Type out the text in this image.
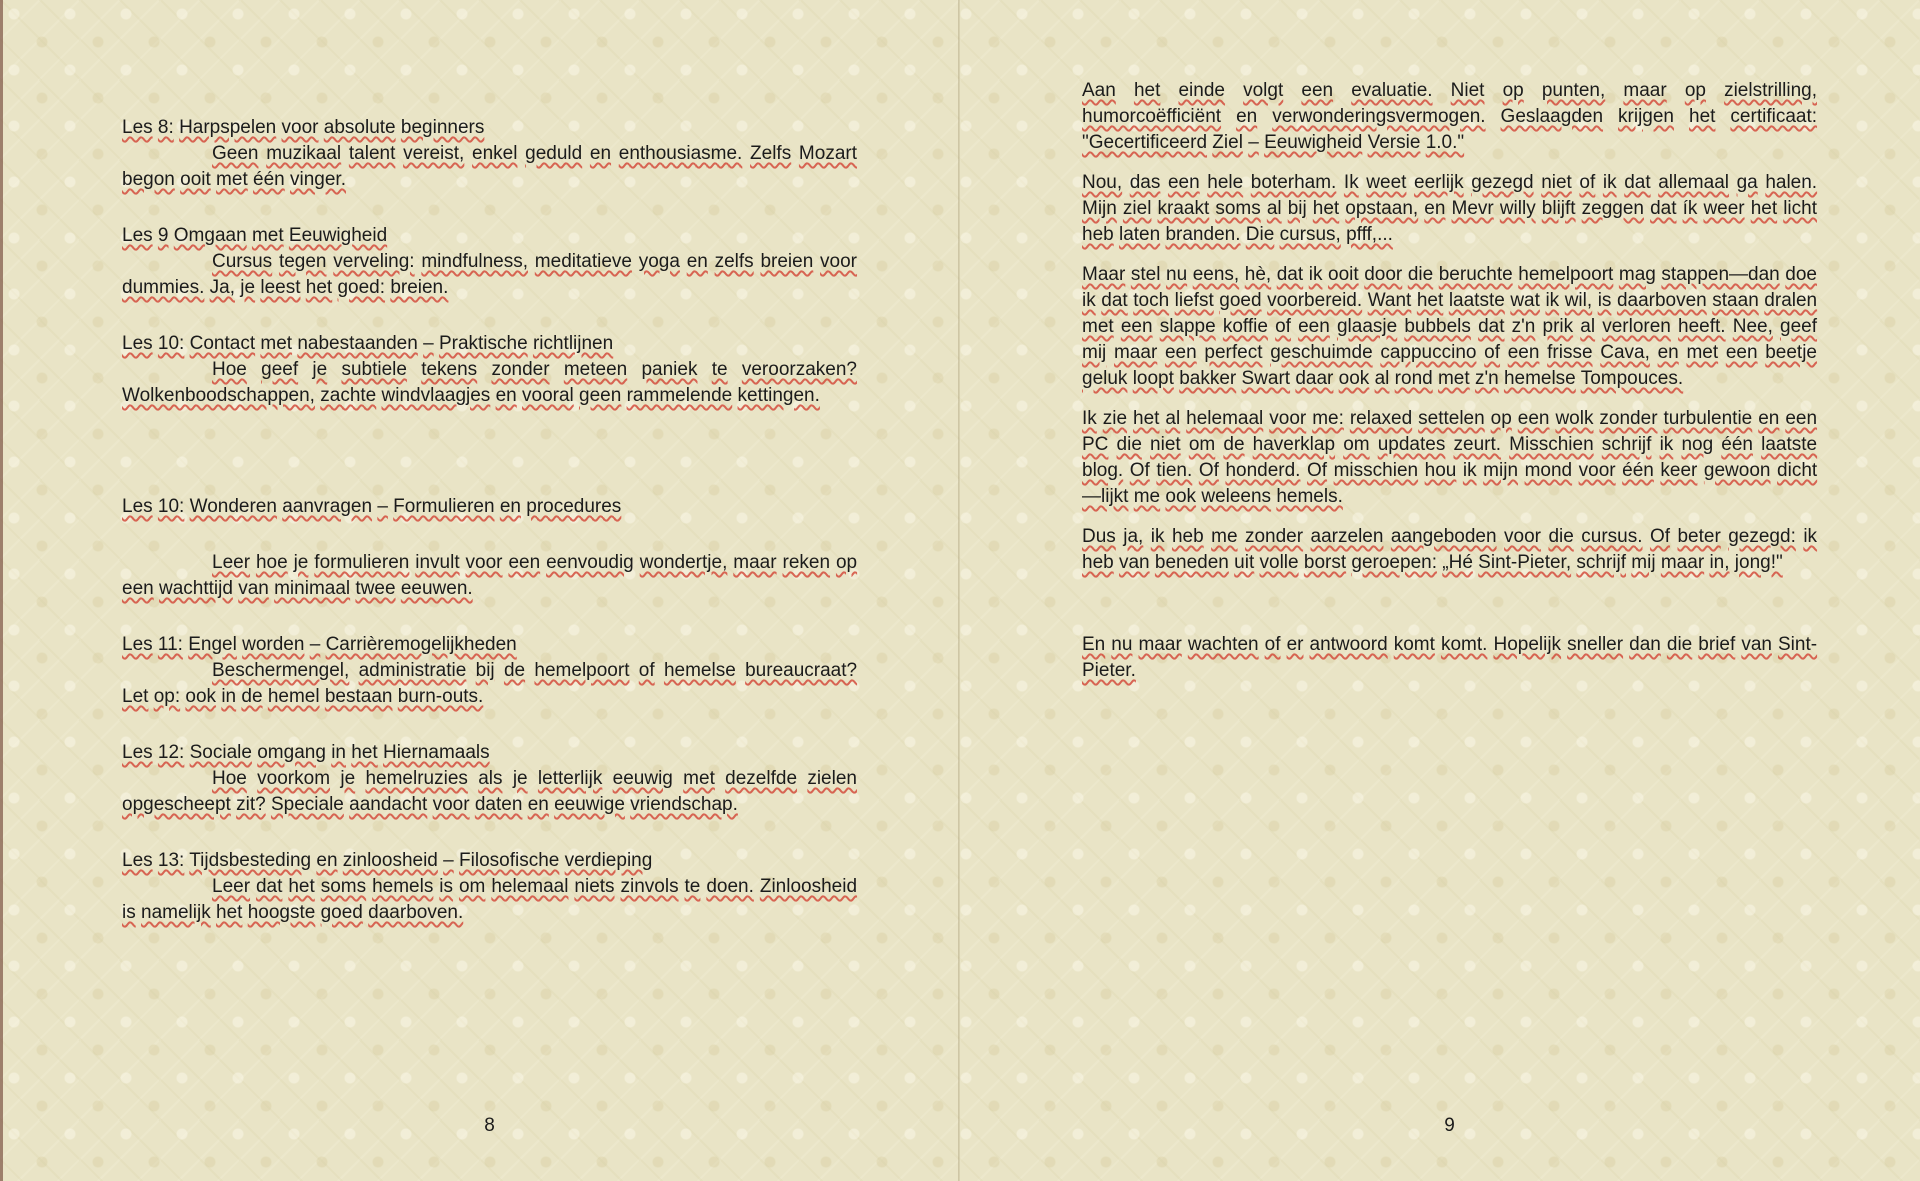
Les 8: Harpspelen voor absolute beginners

Geen muzikaal talent vereist, enkel geduld en enthousiasme. Zelfs Mozart begon ooit met één vinger.

Les 9 Omgaan met Eeuwigheid

Cursus tegen verveling: mindfulness, meditatieve yoga en zelfs breien voor dummies. Ja, je leest het goed: breien.

Les 10: Contact met nabestaanden – Praktische richtlijnen

Hoe geef je subtiele tekens zonder meteen paniek te veroorzaken? Wolkenboodschappen, zachte windvlaagjes en vooral geen rammelende kettingen.

Les 10: Wonderen aanvragen – Formulieren en procedures

Leer hoe je formulieren invult voor een eenvoudig wondertje, maar reken op een wachttijd van minimaal twee eeuwen.

Les 11: Engel worden – Carrièremogelijkheden

Beschermengel, administratie bij de hemelpoort of hemelse bureaucraat? Let op: ook in de hemel bestaan burn-outs.

Les 12: Sociale omgang in het Hiernamaals

Hoe voorkom je hemelruzies als je letterlijk eeuwig met dezelfde zielen opgescheept zit? Speciale aandacht voor daten en eeuwige vriendschap.

Les 13: Tijdsbesteding en zinloosheid – Filosofische verdieping

Leer dat het soms hemels is om helemaal niets zinvols te doen. Zinloosheid is namelijk het hoogste goed daarboven.

8

Aan het einde volgt een evaluatie. Niet op punten, maar op zielstrilling, humorcoëfficiënt en verwonderingsvermogen. Geslaagden krijgen het certificaat: "Gecertificeerd Ziel – Eeuwigheid Versie 1.0."

Nou, das een hele boterham. Ik weet eerlijk gezegd niet of ik dat allemaal ga halen. Mijn ziel kraakt soms al bij het opstaan, en Mevr willy blijft zeggen dat ík weer het licht heb laten branden. Die cursus, pfff,...

Maar stel nu eens, hè, dat ik ooit door die beruchte hemelpoort mag stappen—dan doe ik dat toch liefst goed voorbereid. Want het laatste wat ik wil, is daarboven staan dralen met een slappe koffie of een glaasje bubbels dat z'n prik al verloren heeft. Nee, geef mij maar een perfect geschuimde cappuccino of een frisse Cava, en met een beetje geluk loopt bakker Swart daar ook al rond met z'n hemelse Tompouces.

Ik zie het al helemaal voor me: relaxed settelen op een wolk zonder turbulentie en een PC die niet om de haverklap om updates zeurt. Misschien schrijf ik nog één laatste blog. Of tien. Of honderd. Of misschien hou ik mijn mond voor één keer gewoon dicht—lijkt me ook weleens hemels.

Dus ja, ik heb me zonder aarzelen aangeboden voor die cursus. Of beter gezegd: ik heb van beneden uit volle borst geroepen: „Hé Sint-Pieter, schrijf mij maar in, jong!"

En nu maar wachten of er antwoord komt komt. Hopelijk sneller dan die brief van Sint-Pieter.

9
